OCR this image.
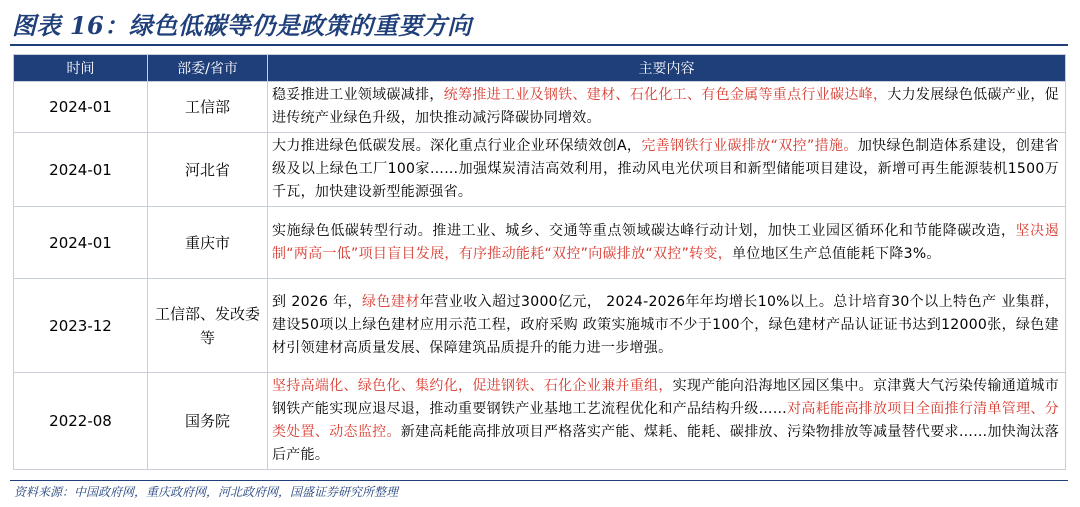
图表 16：绿色低碳等仍是政策的重要方向
时间	部委/省市	主要内容
2024-01	工信部	稳妥推进工业领域碳减排，统筹推进工业及钢铁、建材、石化化工、有色金属等重点行业碳达峰，大力发展绿色低碳产业，促进传统产业绿色升级，加快推动减污降碳协同增效。
2024-01	河北省	大力推进绿色低碳发展。深化重点行业企业环保绩效创A，完善钢铁行业碳排放“双控”措施。加快绿色制造体系建设，创建省级及以上绿色工厂100家……加强煤炭清洁高效利用，推动风电光伏项目和新型储能项目建设，新增可再生能源装机1500万千瓦，加快建设新型能源强省。
2024-01	重庆市	实施绿色低碳转型行动。推进工业、城乡、交通等重点领域碳达峰行动计划，加快工业园区循环化和节能降碳改造，坚决遏制“两高一低”项目盲目发展，有序推动能耗“双控”向碳排放“双控”转变，单位地区生产总值能耗下降3%。
2023-12	工信部、发改委等	到 2026 年，绿色建材年营业收入超过3000亿元， 2024-2026年年均增长10%以上。总计培育30个以上特色产 业集群，建设50项以上绿色建材应用示范工程，政府采购 政策实施城市不少于100个，绿色建材产品认证证书达到12000张，绿色建材引领建材高质量发展、保障建筑品质提升的能力进一步增强。
2022-08	国务院	坚持高端化、绿色化、集约化，促进钢铁、石化企业兼并重组，实现产能向沿海地区园区集中。京津冀大气污染传输通道城市钢铁产能实现应退尽退，推动重要钢铁产业基地工艺流程优化和产品结构升级……对高耗能高排放项目全面推行清单管理、分类处置、动态监控。新建高耗能高排放项目严格落实产能、煤耗、能耗、碳排放、污染物排放等减量替代要求……加快淘汰落后产能。
资料来源：中国政府网，重庆政府网，河北政府网，国盛证券研究所整理
